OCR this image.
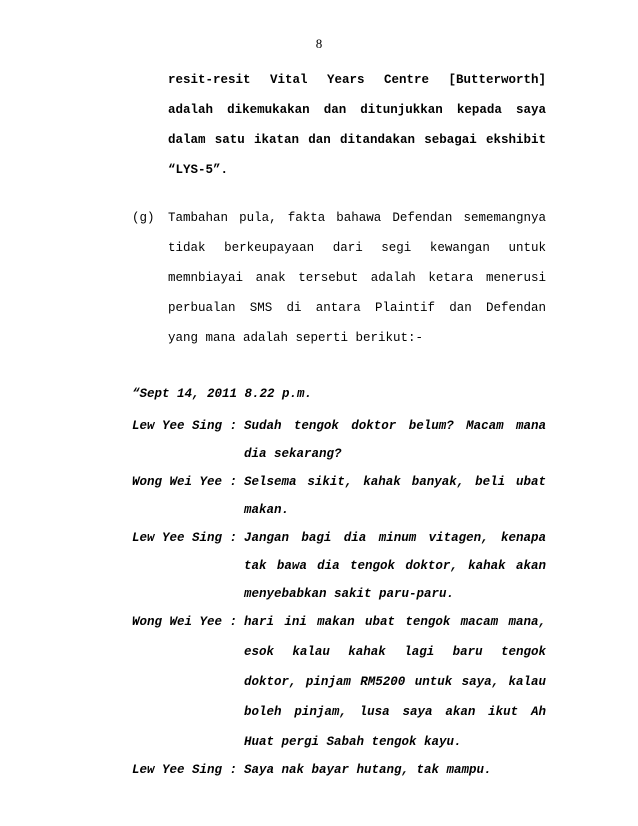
8
resit-resit Vital Years Centre [Butterworth]
adalah dikemukakan dan ditunjukkan kepada saya
dalam satu ikatan dan ditandakan sebagai ekshibit
“LYS-5”.
(g) Tambahan pula, fakta bahawa Defendan sememangnya
tidak berkeupayaan dari segi kewangan untuk
memnbiayai anak tersebut adalah ketara menerusi
perbualan SMS di antara Plaintif dan Defendan
yang mana adalah seperti berikut:-
“Sept 14, 2011 8.22 p.m.
Lew Yee Sing : Sudah tengok doktor belum? Macam mana
dia sekarang?
Wong Wei Yee : Selsema sikit, kahak banyak, beli ubat
makan.
Lew Yee Sing : Jangan bagi dia minum vitagen, kenapa
tak bawa dia tengok doktor, kahak akan
menyebabkan sakit paru-paru.
Wong Wei Yee : hari ini makan ubat tengok macam mana,
esok kalau kahak lagi baru tengok
doktor, pinjam RM5200 untuk saya, kalau
boleh pinjam, lusa saya akan ikut Ah
Huat pergi Sabah tengok kayu.
Lew Yee Sing : Saya nak bayar hutang, tak mampu.
